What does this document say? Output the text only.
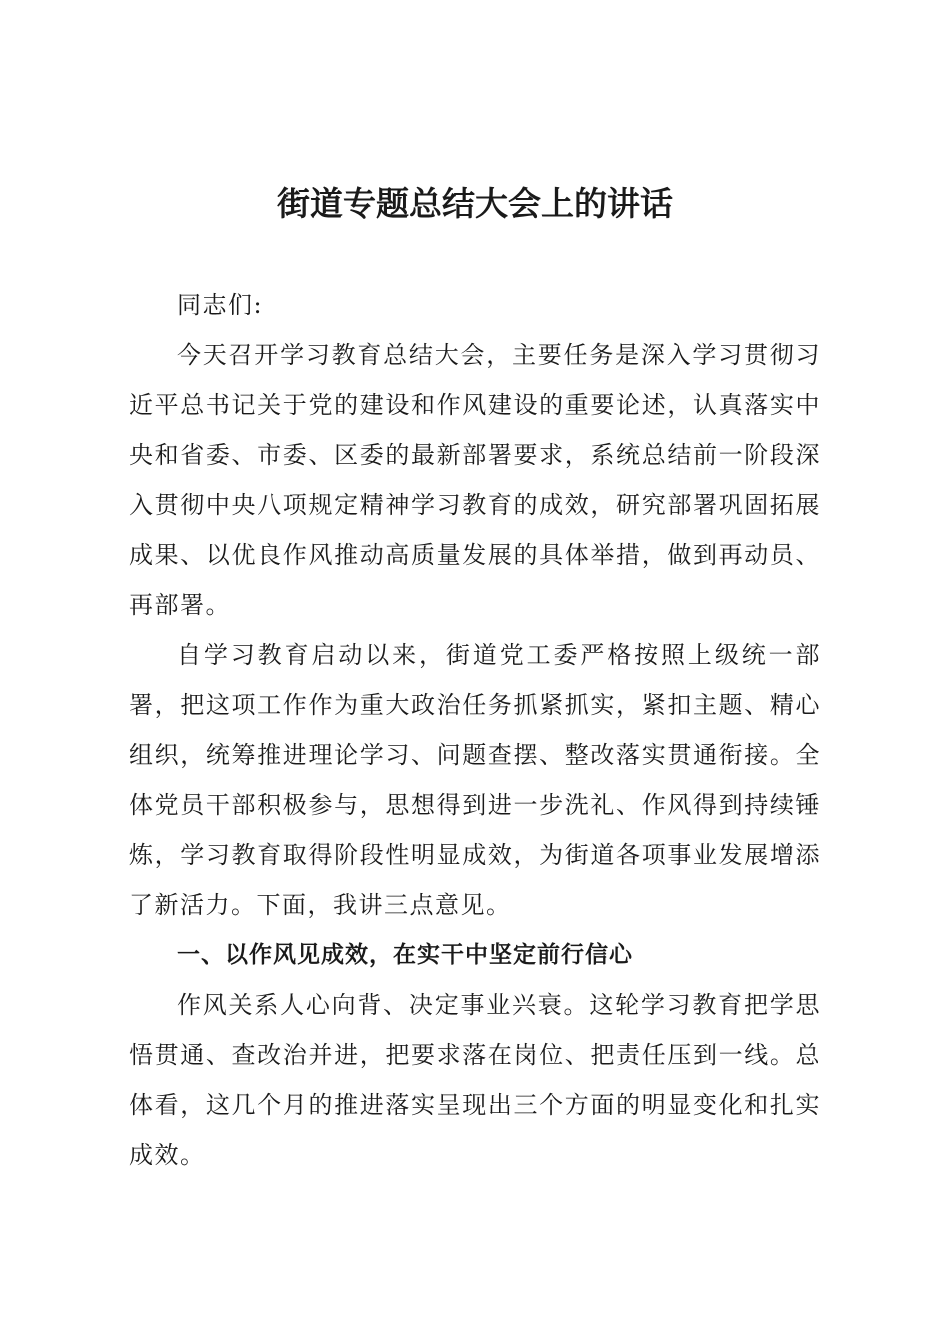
街道专题总结大会上的讲话

同志们:

今天召开学习教育总结大会，主要任务是深入学习贯彻习近平总书记关于党的建设和作风建设的重要论述，认真落实中央和省委、市委、区委的最新部署要求，系统总结前一阶段深入贯彻中央八项规定精神学习教育的成效，研究部署巩固拓展成果、以优良作风推动高质量发展的具体举措，做到再动员、再部署。

自学习教育启动以来，街道党工委严格按照上级统一部署，把这项工作作为重大政治任务抓紧抓实，紧扣主题、精心组织，统筹推进理论学习、问题查摆、整改落实贯通衔接。全体党员干部积极参与，思想得到进一步洗礼、作风得到持续锤炼，学习教育取得阶段性明显成效，为街道各项事业发展增添了新活力。下面，我讲三点意见。

一、以作风见成效，在实干中坚定前行信心

作风关系人心向背、决定事业兴衰。这轮学习教育把学思悟贯通、查改治并进，把要求落在岗位、把责任压到一线。总体看，这几个月的推进落实呈现出三个方面的明显变化和扎实成效。
